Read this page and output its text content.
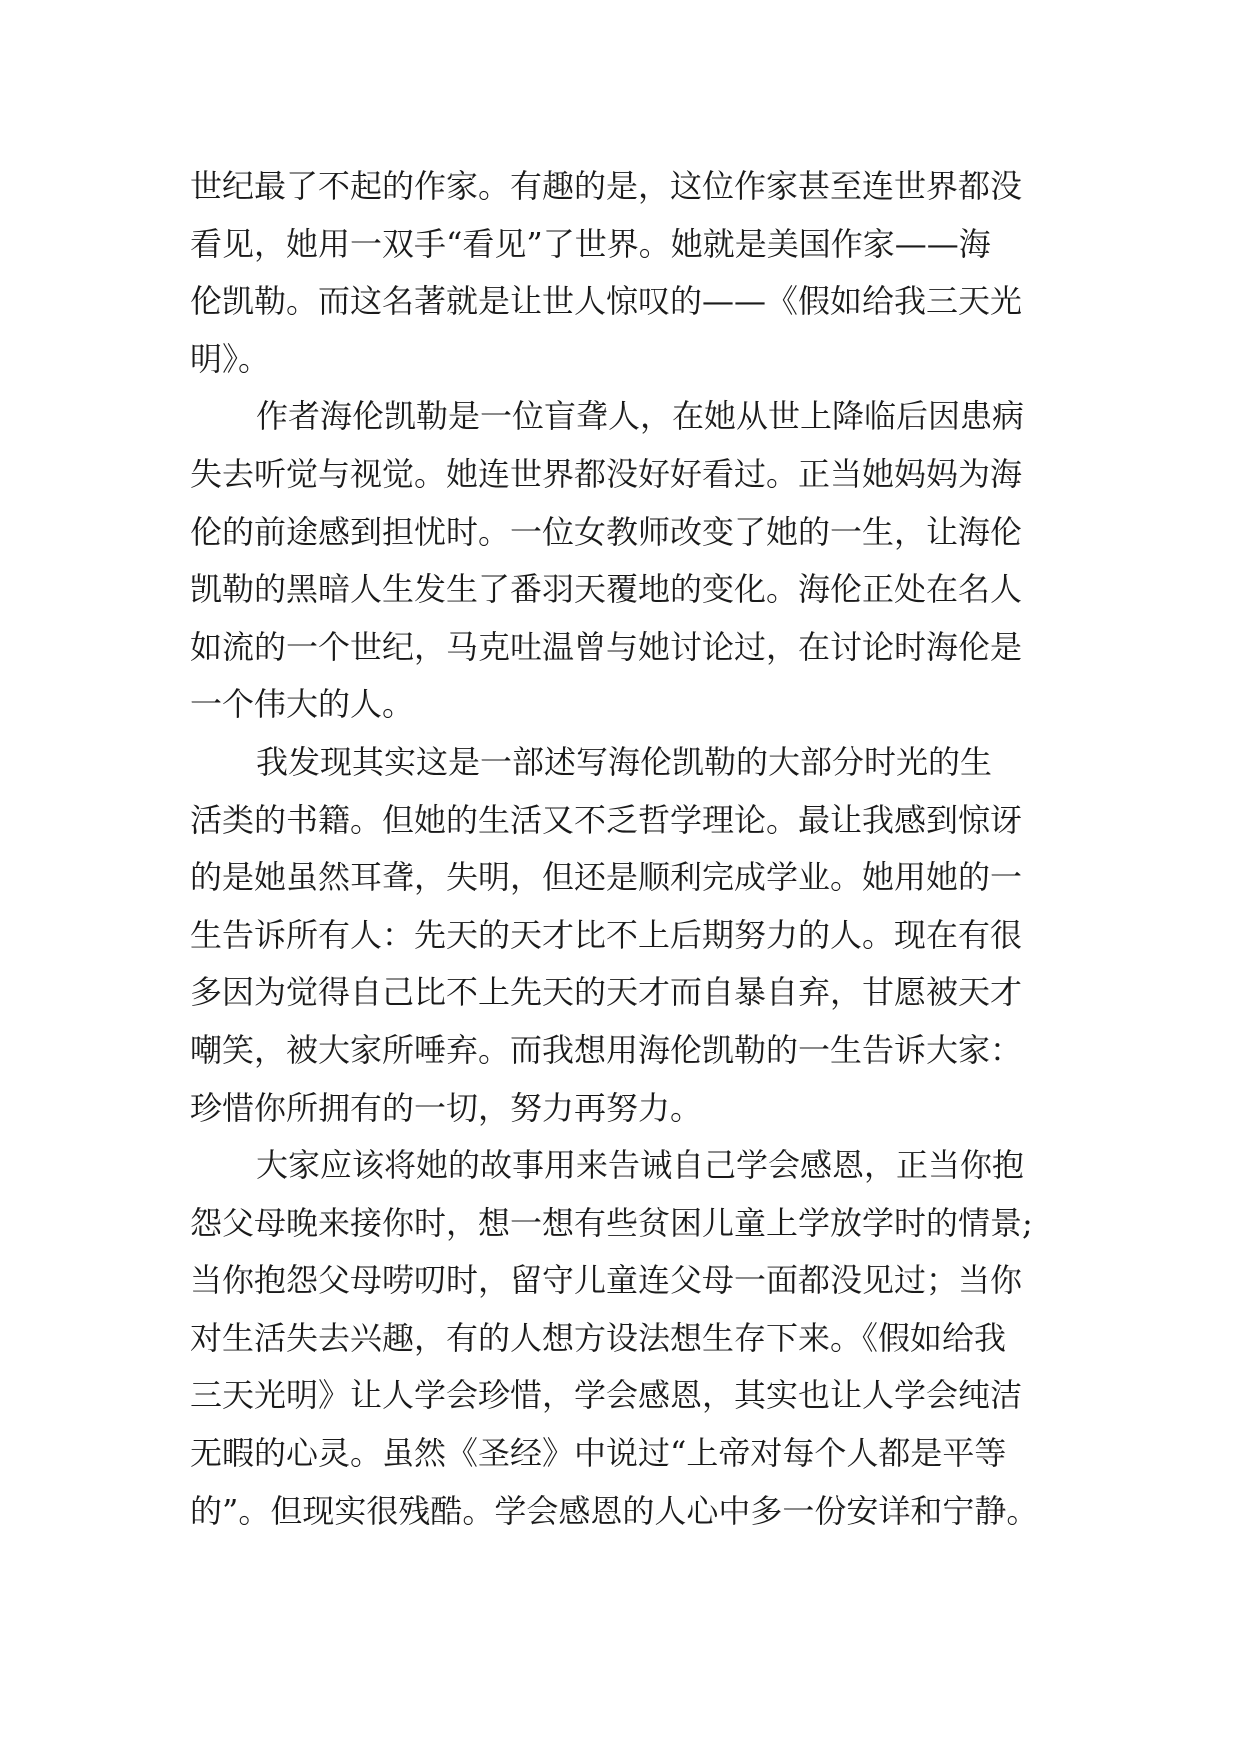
世纪最了不起的作家。有趣的是，这位作家甚至连世界都没
看见，她用一双手“看见”了世界。她就是美国作家——海
伦凯勒。而这名著就是让世人惊叹的——《假如给我三天光
明》。
作者海伦凯勒是一位盲聋人，在她从世上降临后因患病
失去听觉与视觉。她连世界都没好好看过。正当她妈妈为海
伦的前途感到担忧时。一位女教师改变了她的一生，让海伦
凯勒的黑暗人生发生了番羽天覆地的变化。海伦正处在名人
如流的一个世纪，马克吐温曾与她讨论过，在讨论时海伦是
一个伟大的人。
我发现其实这是一部述写海伦凯勒的大部分时光的生
活类的书籍。但她的生活又不乏哲学理论。最让我感到惊讶
的是她虽然耳聋，失明，但还是顺利完成学业。她用她的一
生告诉所有人：先天的天才比不上后期努力的人。现在有很
多因为觉得自己比不上先天的天才而自暴自弃，甘愿被天才
嘲笑，被大家所唾弃。而我想用海伦凯勒的一生告诉大家：
珍惜你所拥有的一切，努力再努力。
大家应该将她的故事用来告诫自己学会感恩，正当你抱
怨父母晚来接你时，想一想有些贫困儿童上学放学时的情景;
当你抱怨父母唠叨时，留守儿童连父母一面都没见过；当你
对生活失去兴趣，有的人想方设法想生存下来。《假如给我
三天光明》让人学会珍惜，学会感恩，其实也让人学会纯洁
无暇的心灵。虽然《圣经》中说过“上帝对每个人都是平等
的”。但现实很残酷。学会感恩的人心中多一份安详和宁静。
